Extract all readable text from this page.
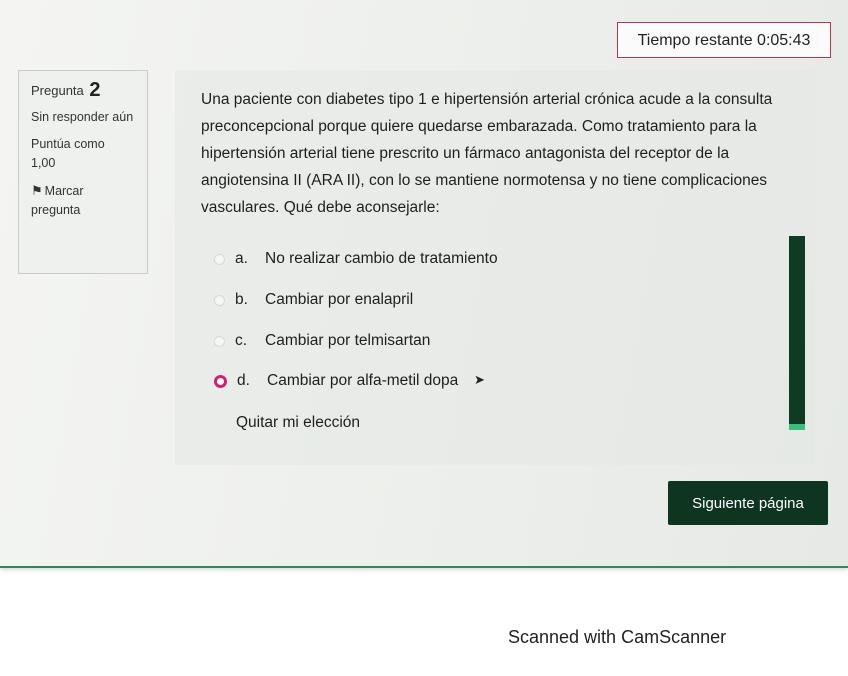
Tiempo restante 0:05:43
Pregunta 2
Sin responder aún
Puntúa como
1,00
⚑ Marcar pregunta
Una paciente con diabetes tipo 1 e hipertensión arterial crónica acude a la consulta preconcepcional porque quiere quedarse embarazada. Como tratamiento para la hipertensión arterial tiene prescrito un fármaco antagonista del receptor de la angiotensina II (ARA II), con lo se mantiene normotensa y no tiene complicaciones vasculares. Qué debe aconsejarle:
a.	No realizar cambio de tratamiento
b.	Cambiar por enalapril
c.	Cambiar por telmisartan
d.	Cambiar por alfa-metil dopa ➤
Quitar mi elección
Siguiente página
Scanned with CamScanner
